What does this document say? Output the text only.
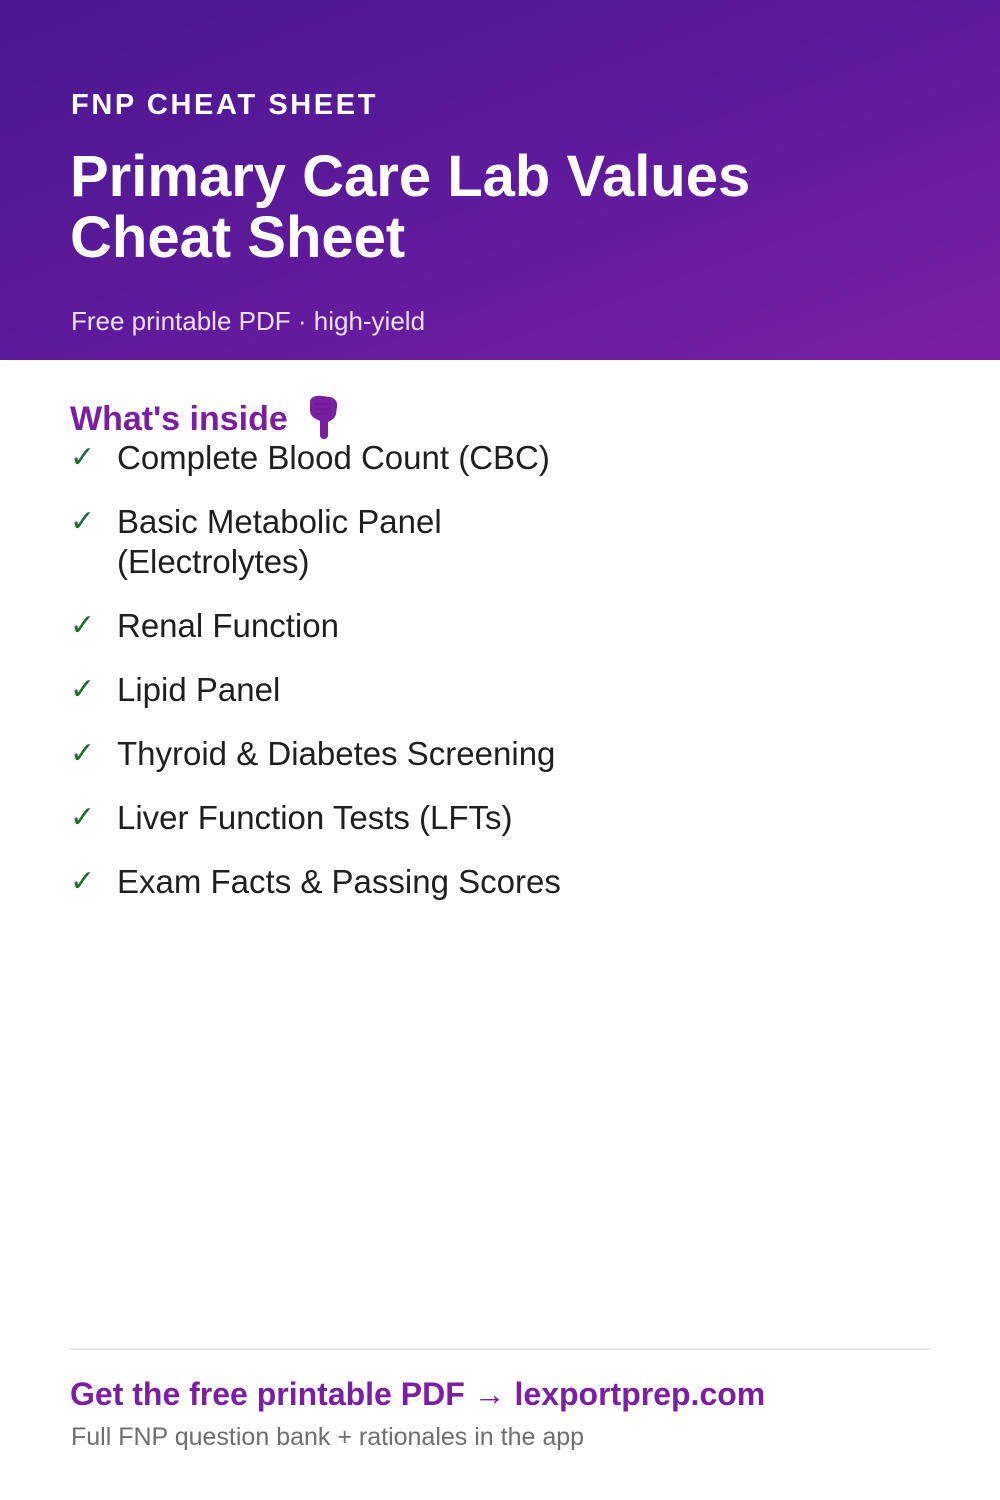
FNP CHEAT SHEET
Primary Care Lab Values Cheat Sheet
Free printable PDF · high-yield
What's inside
✓ Complete Blood Count (CBC)
✓ Basic Metabolic Panel (Electrolytes)
✓ Renal Function
✓ Lipid Panel
✓ Thyroid & Diabetes Screening
✓ Liver Function Tests (LFTs)
✓ Exam Facts & Passing Scores
Get the free printable PDF → lexportprep.com
Full FNP question bank + rationales in the app
